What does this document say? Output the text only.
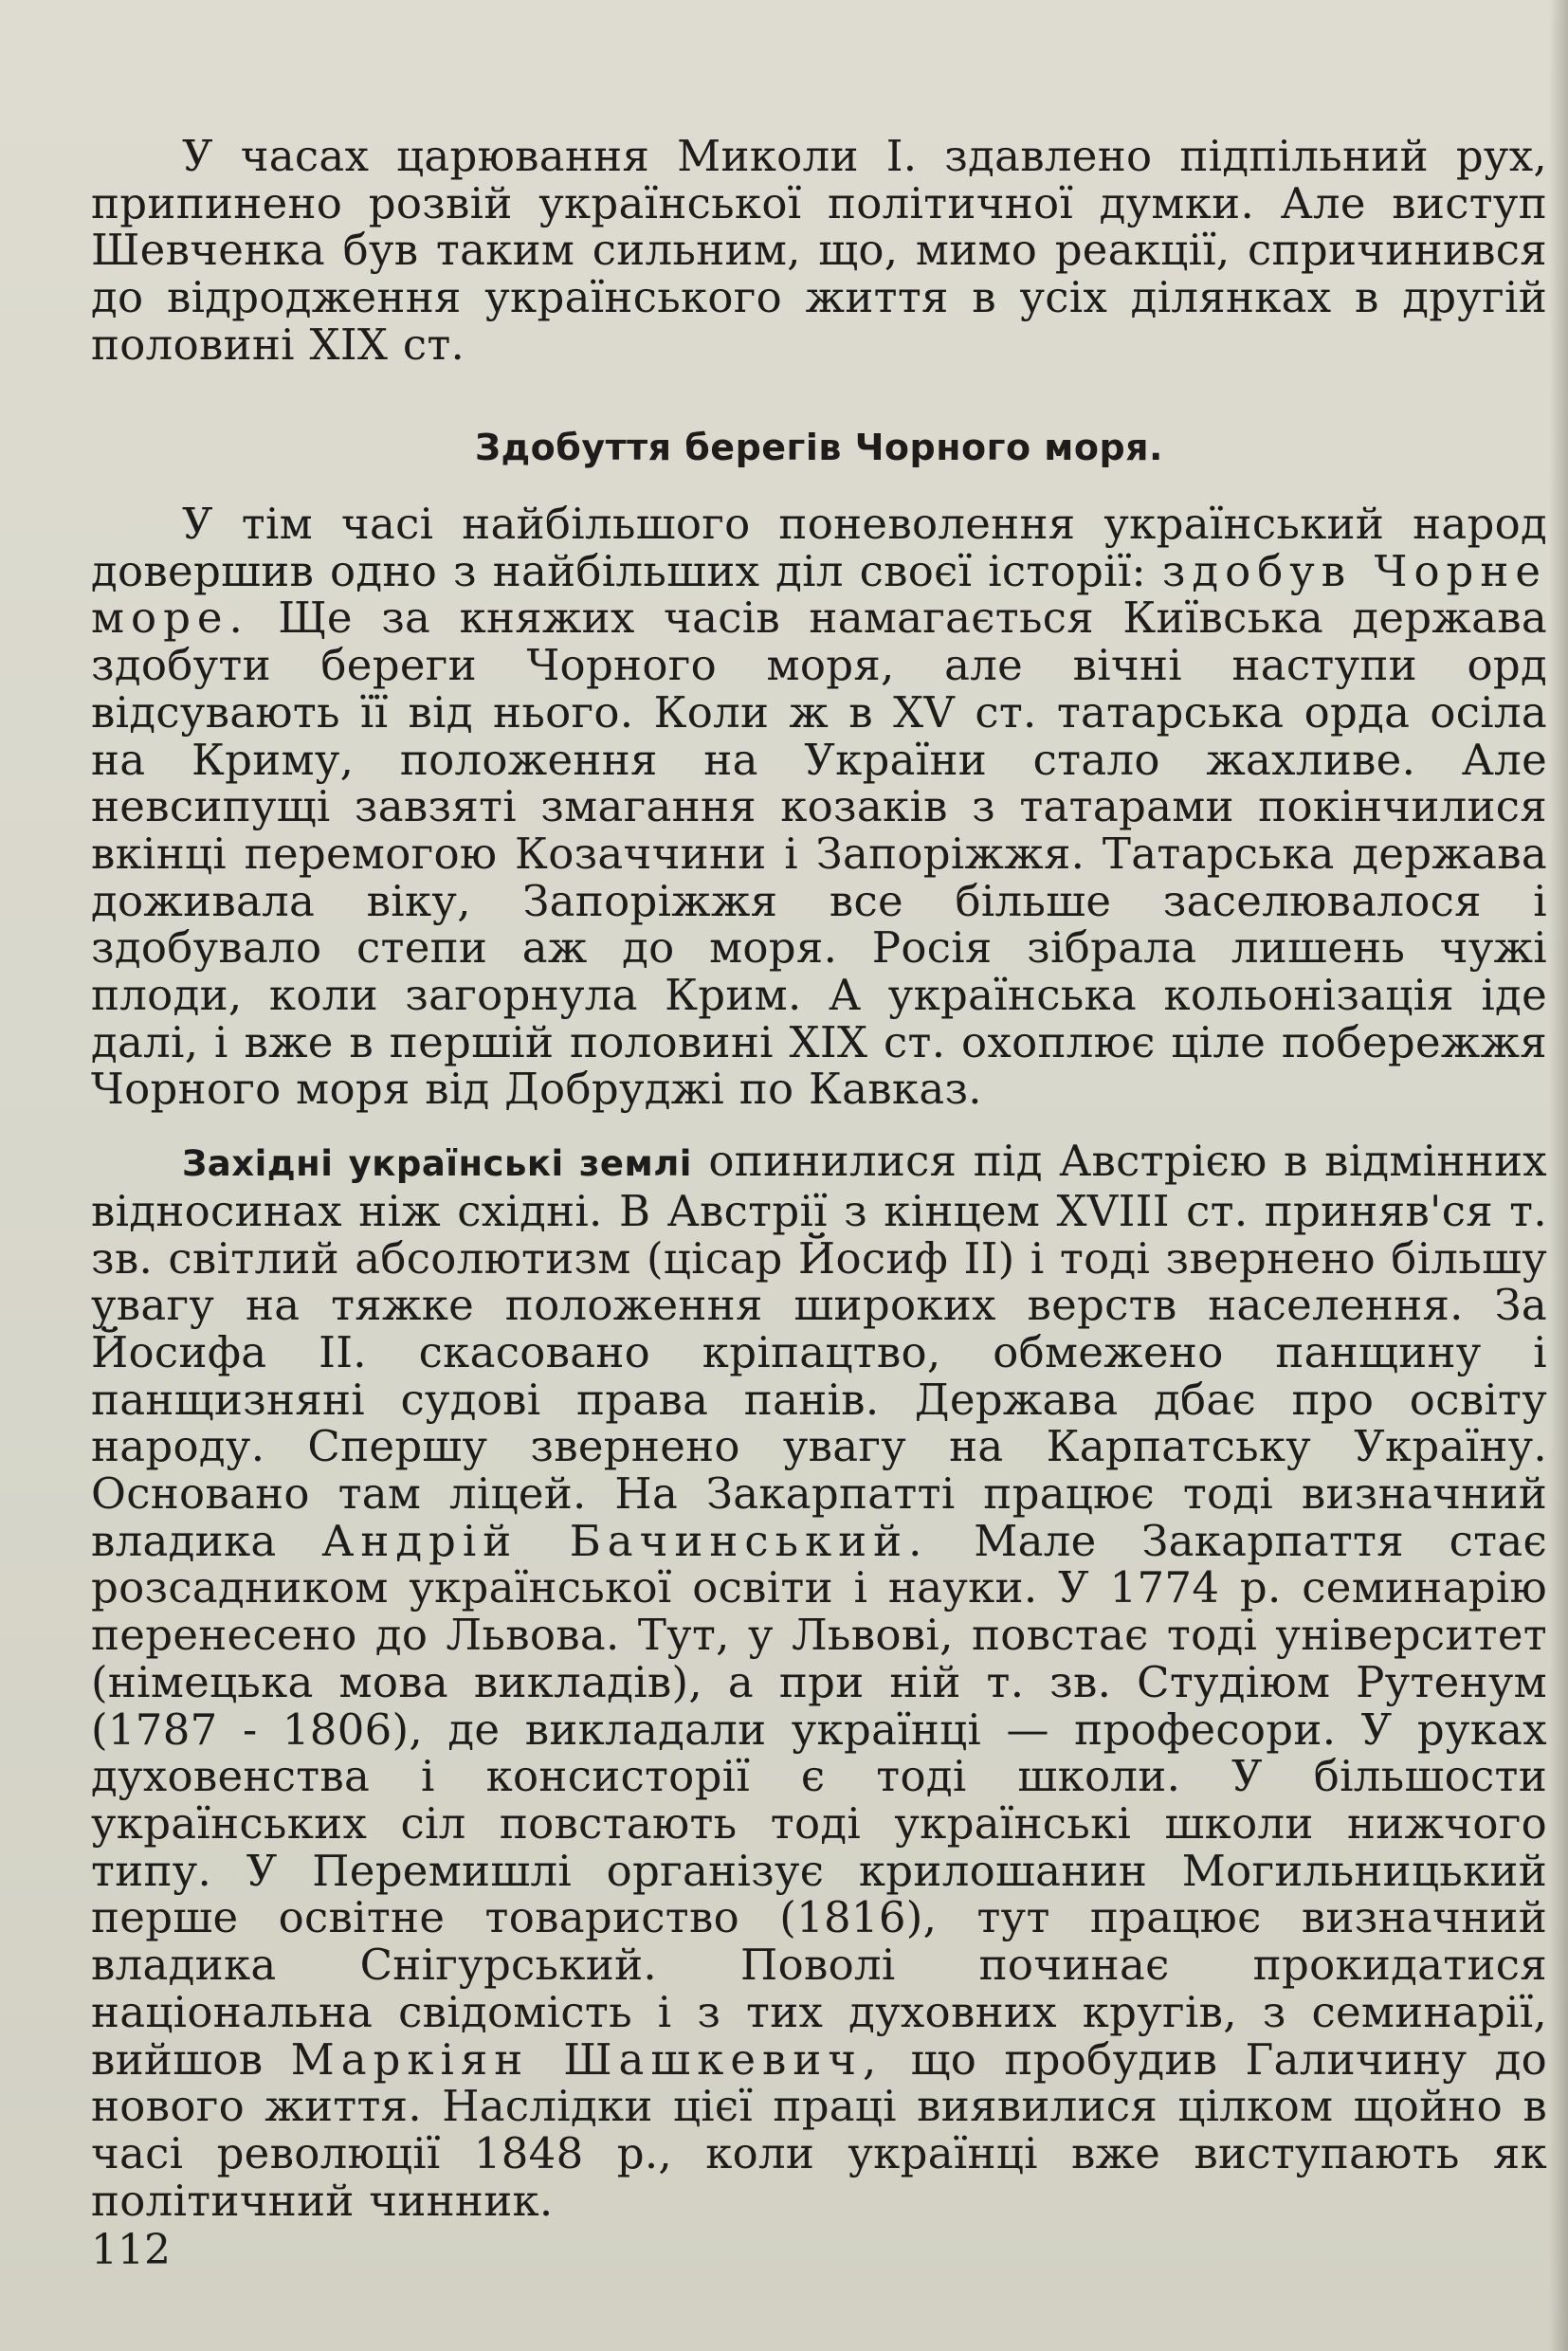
У часах царювання Миколи I. здавлено підпільний рух, припинено розвій української політичної думки. Але виступ Шевченка був таким сильним, що, мимо реакції, спричинився до відродження українського життя в усіх ділянках в другій половині XIX ст.

Здобуття берегів Чорного моря.

У тім часі найбільшого поневолення український народ довершив одно з найбільших діл своєї історії: здобув Чорне море. Ще за княжих часів намагається Київська держава здобути береги Чорного моря, але вічні наступи орд відсувають її від нього. Коли ж в XV ст. татарська орда осіла на Криму, положення на України стало жахливе. Але невсипущі завзяті змагання козаків з татарами покінчилися вкінці перемогою Козаччини і Запоріжжя. Татарська держава доживала віку, Запоріжжя все більше заселювалося і здобувало степи аж до моря. Росія зібрала лишень чужі плоди, коли загорнула Крим. А українська кольонізація іде далі, і вже в першій половині XIX ст. охоплює ціле побережжя Чорного моря від Добруджі по Кавказ.

Західні українські землі опинилися під Австрією в відмінних відносинах ніж східні. В Австрії з кінцем XVIII ст. приняв'ся т. зв. світлий абсолютизм (цісар Йосиф II) і тоді звернено більшу увагу на тяжке положення широких верств населення. За Йосифа II. скасовано кріпацтво, обмежено панщину і панщизняні судові права панів. Держава дбає про освіту народу. Спершу звернено увагу на Карпатську Україну. Основано там ліцей. На Закарпатті працює тоді визначний владика Андрій Бачинський. Мале Закарпаття стає розсадником української освіти і науки. У 1774 р. семинарію перенесено до Львова. Тут, у Львові, повстає тоді університет (німецька мова викладів), а при ній т. зв. Студіюм Рутенум (1787 - 1806), де викладали українці — професори. У руках духовенства і консисторії є тоді школи. У більшости українських сіл повстають тоді українські школи нижчого типу. У Перемишлі організує крилошанин Могильницький перше освітне товариство (1816), тут працює визначний владика Снігурський. Поволі починає прокидатися національна свідомість і з тих духовних кругів, з семинарії, вийшов Маркіян Шашкевич, що пробудив Галичину до нового життя. Наслідки цієї праці виявилися цілком щойно в часі революції 1848 р., коли українці вже виступають як політичний чинник.

112
